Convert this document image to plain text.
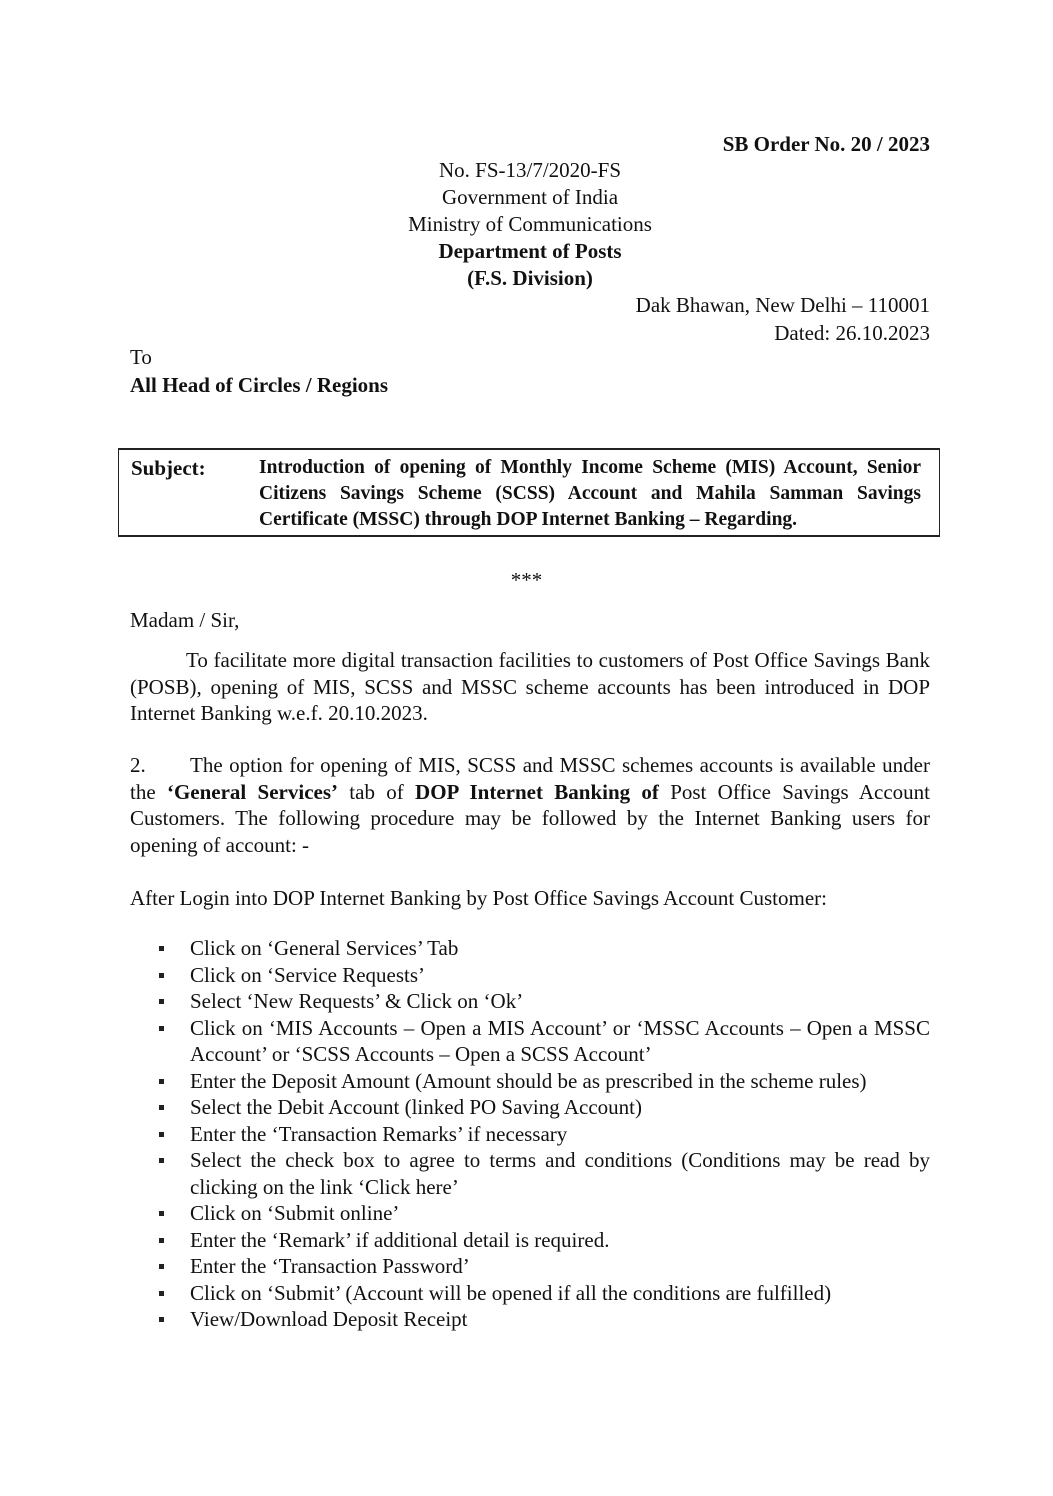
SB Order No. 20 / 2023
No. FS-13/7/2020-FS
Government of India
Ministry of Communications
Department of Posts
(F.S. Division)
Dak Bhawan, New Delhi – 110001
Dated: 26.10.2023
To
All Head of Circles / Regions
Subject:	Introduction of opening of Monthly Income Scheme (MIS) Account, Senior Citizens Savings Scheme (SCSS) Account and Mahila Samman Savings Certificate (MSSC) through DOP Internet Banking – Regarding.
***
Madam / Sir,
To facilitate more digital transaction facilities to customers of Post Office Savings Bank (POSB), opening of MIS, SCSS and MSSC scheme accounts has been introduced in DOP Internet Banking w.e.f. 20.10.2023.
2. The option for opening of MIS, SCSS and MSSC schemes accounts is available under the ‘General Services’ tab of DOP Internet Banking of Post Office Savings Account Customers. The following procedure may be followed by the Internet Banking users for opening of account: -
After Login into DOP Internet Banking by Post Office Savings Account Customer:
Click on ‘General Services’ Tab
Click on ‘Service Requests’
Select ‘New Requests’ & Click on ‘Ok’
Click on ‘MIS Accounts – Open a MIS Account’ or ‘MSSC Accounts – Open a MSSC Account’ or ‘SCSS Accounts – Open a SCSS Account’
Enter the Deposit Amount (Amount should be as prescribed in the scheme rules)
Select the Debit Account (linked PO Saving Account)
Enter the ‘Transaction Remarks’ if necessary
Select the check box to agree to terms and conditions (Conditions may be read by clicking on the link ‘Click here’
Click on ‘Submit online’
Enter the ‘Remark’ if additional detail is required.
Enter the ‘Transaction Password’
Click on ‘Submit’ (Account will be opened if all the conditions are fulfilled)
View/Download Deposit Receipt
